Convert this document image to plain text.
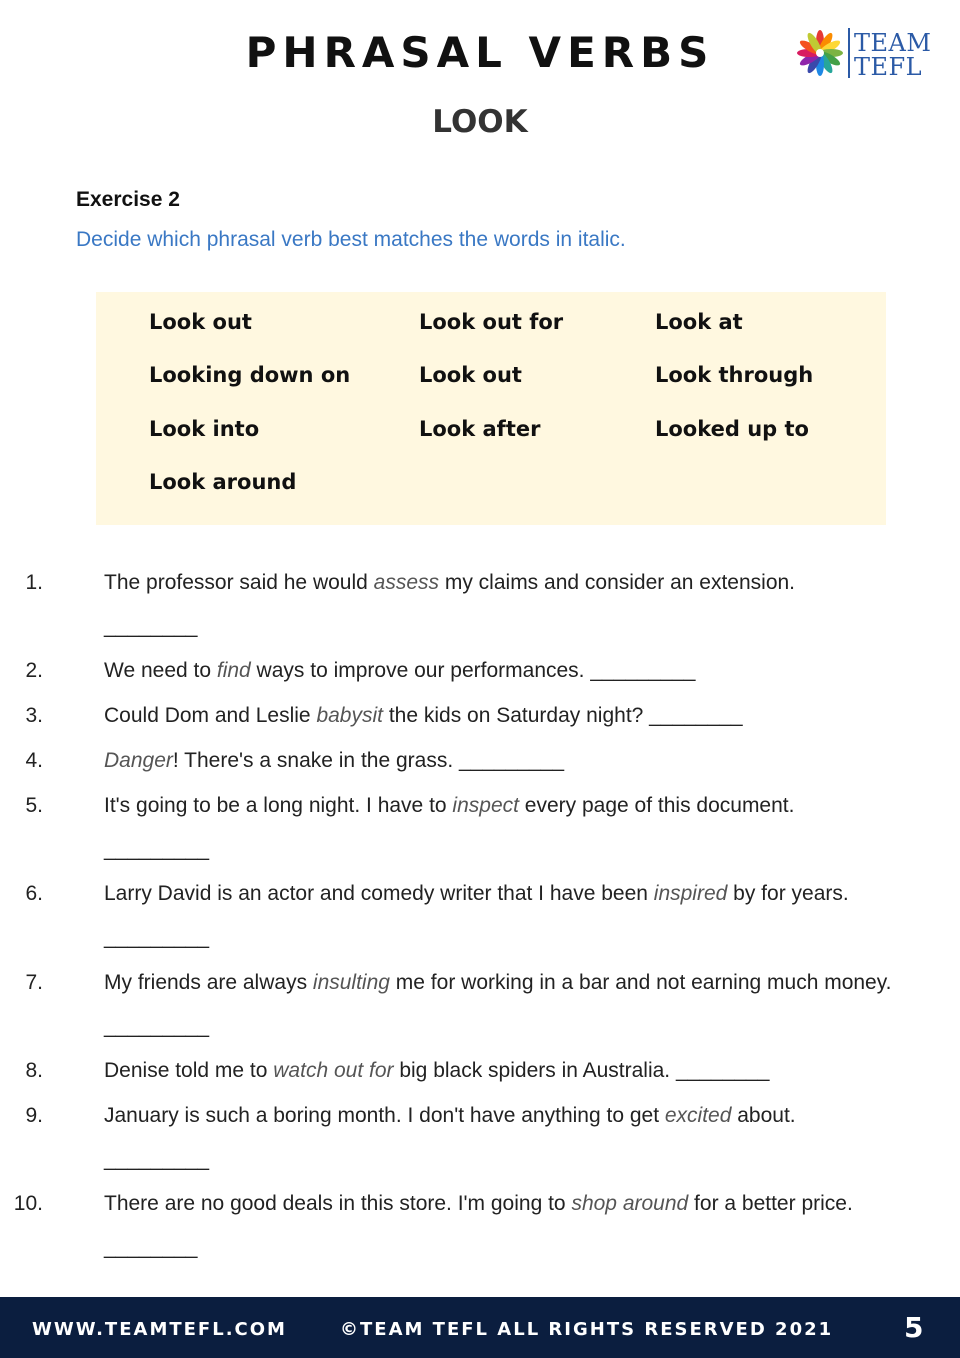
PHRASAL VERBS
LOOK
TEAM
TEFL
Exercise 2
Decide which phrasal verb best matches the words in italic.
Look out	Look out for	Look at
Looking down on	Look out	Look through
Look into	Look after	Looked up to
Look around
1.	The professor said he would assess my claims and consider an extension. ________
2.	We need to find ways to improve our performances. _________
3.	Could Dom and Leslie babysit the kids on Saturday night? ________
4.	Danger! There's a snake in the grass. _________
5.	It's going to be a long night. I have to inspect every page of this document. _________
6.	Larry David is an actor and comedy writer that I have been inspired by for years. _________
7.	My friends are always insulting me for working in a bar and not earning much money. _________
8.	Denise told me to watch out for big black spiders in Australia. ________
9.	January is such a boring month. I don't have anything to get excited about. _________
10.	There are no good deals in this store. I'm going to shop around for a better price. ________
WWW.TEAMTEFL.COM	©TEAM TEFL ALL RIGHTS RESERVED 2021	5
